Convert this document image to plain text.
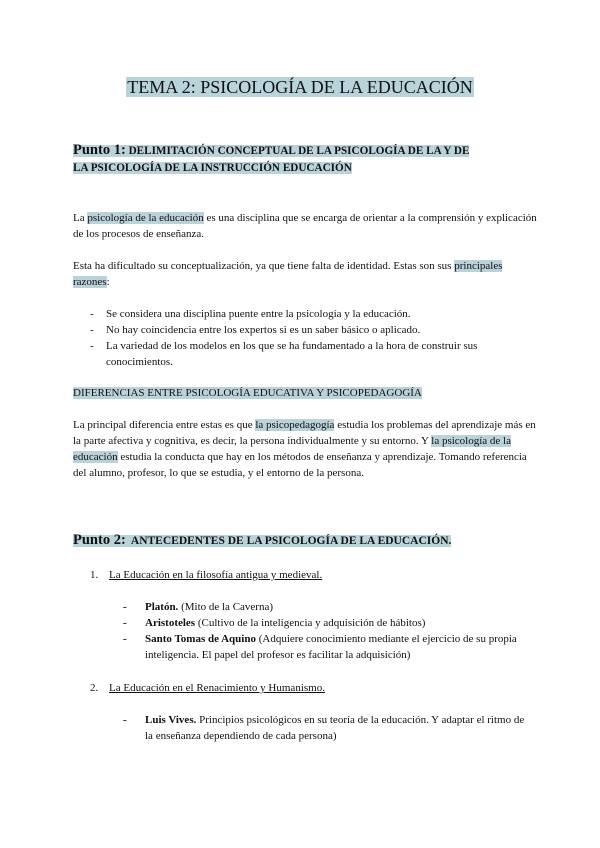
TEMA 2: PSICOLOGÍA DE LA EDUCACIÓN
Punto 1: DELIMITACIÓN CONCEPTUAL DE LA PSICOLOGÍA DE LA Y DE
LA PSICOLOGÍA DE LA INSTRUCCIÓN EDUCACIÓN
La psicología de la educación es una disciplina que se encarga de orientar a la comprensión y explicación de los procesos de enseñanza.
Esta ha dificultado su conceptualización, ya que tiene falta de identidad. Estas son sus principales razones:
- Se considera una disciplina puente entre la psicología y la educación.
- No hay coincidencia entre los expertos si es un saber básico o aplicado.
- La variedad de los modelos en los que se ha fundamentado a la hora de construir sus conocimientos.
DIFERENCIAS ENTRE PSICOLOGÍA EDUCATIVA Y PSICOPEDAGOGÍA
La principal diferencia entre estas es que la psicopedagogía estudia los problemas del aprendizaje más en la parte afectiva y cognitiva, es decir, la persona individualmente y su entorno. Y la psicología de la educación estudia la conducta que hay en los métodos de enseñanza y aprendizaje. Tomando referencia del alumno, profesor, lo que se estudia, y el entorno de la persona.
Punto 2: ANTECEDENTES DE LA PSICOLOGÍA DE LA EDUCACIÓN.
1. La Educación en la filosofía antigua y medieval.
- Platón. (Mito de la Caverna)
- Aristoteles (Cultivo de la inteligencia y adquisición de hábitos)
- Santo Tomas de Aquino (Adquiere conocimiento mediante el ejercicio de su propia inteligencia. El papel del profesor es facilitar la adquisición)
2. La Educación en el Renacimiento y Humanismo.
- Luis Vives. Principios psicológicos en su teoría de la educación. Y adaptar el ritmo de la enseñanza dependiendo de cada persona)
